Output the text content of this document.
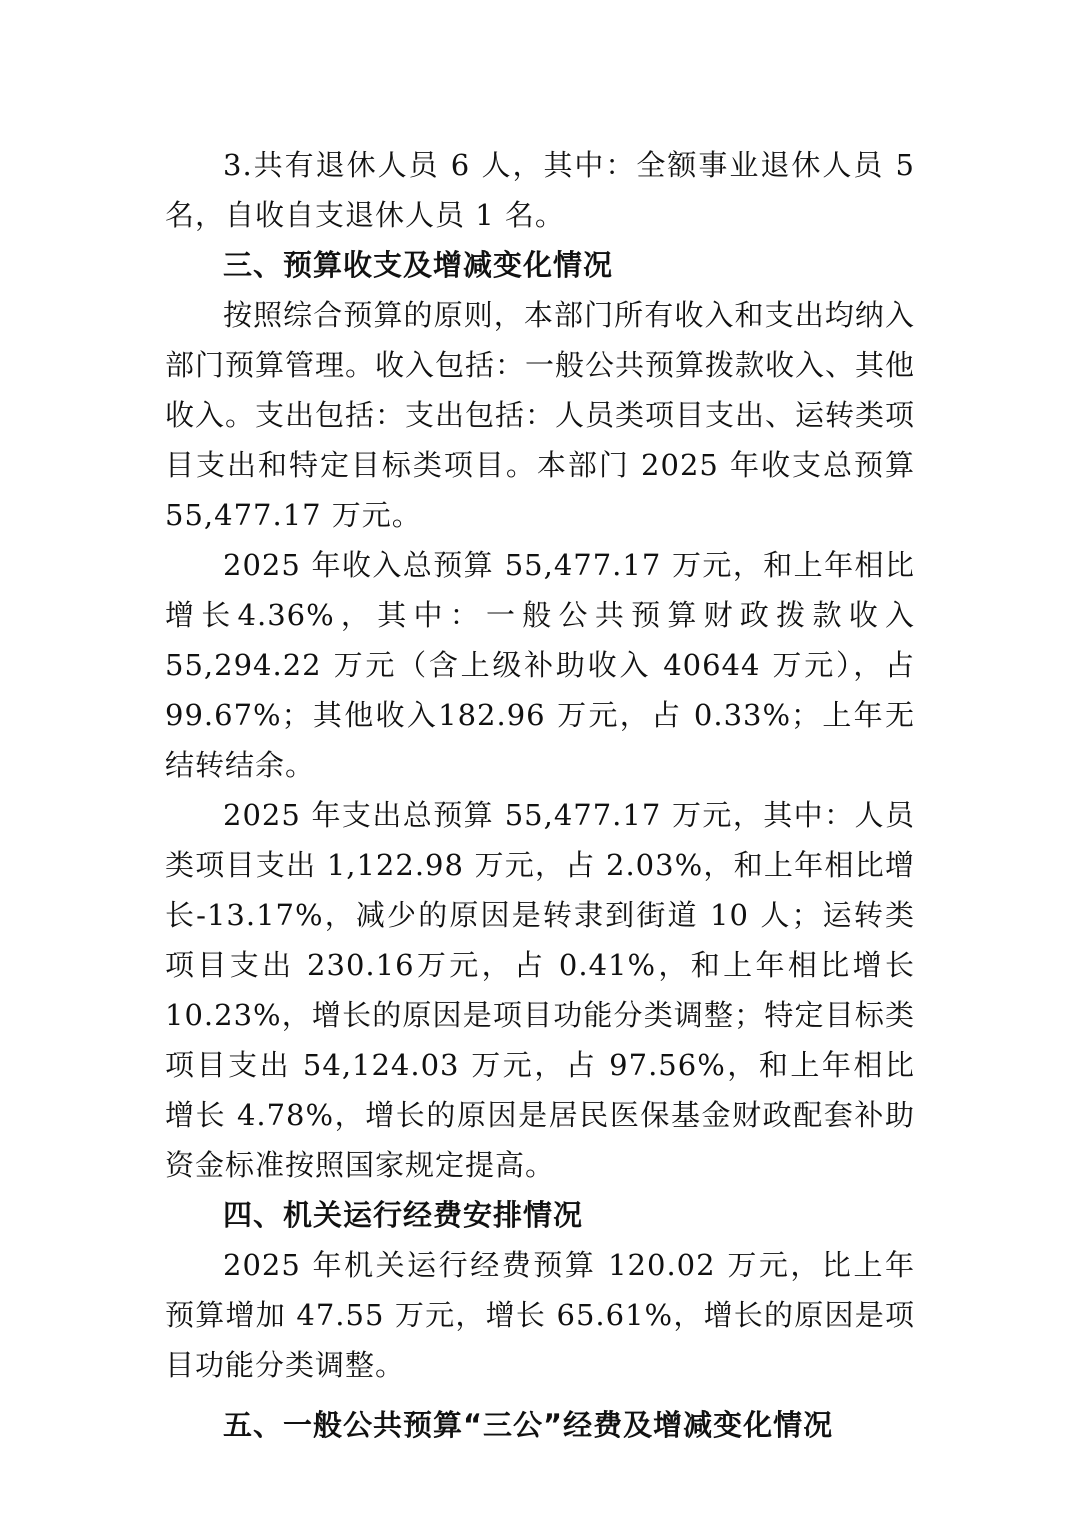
3.共有退休人员 6 人，其中：全额事业退休人员 5 名，自收自支退休人员 1 名。

三、预算收支及增减变化情况

按照综合预算的原则，本部门所有收入和支出均纳入部门预算管理。收入包括：一般公共预算拨款收入、其他收入。支出包括：支出包括：人员类项目支出、运转类项目支出和特定目标类项目。本部门 2025 年收支总预算55,477.17 万元。

2025 年收入总预算 55,477.17 万元，和上年相比增长4.36%，其中：一般公共预算财政拨款收入 55,294.22 万元（含上级补助收入 40644 万元），占 99.67%；其他收入182.96 万元，占 0.33%；上年无结转结余。

2025 年支出总预算 55,477.17 万元，其中：人员类项目支出 1,122.98 万元，占 2.03%，和上年相比增长-13.17%，减少的原因是转隶到街道 10 人；运转类项目支出 230.16万元，占 0.41%，和上年相比增长 10.23%，增长的原因是项目功能分类调整；特定目标类项目支出 54,124.03 万元，占 97.56%，和上年相比增长 4.78%，增长的原因是居民医保基金财政配套补助资金标准按照国家规定提高。

四、机关运行经费安排情况

2025 年机关运行经费预算 120.02 万元，比上年预算增加 47.55 万元，增长 65.61%，增长的原因是项目功能分类调整。

五、一般公共预算“三公”经费及增减变化情况
